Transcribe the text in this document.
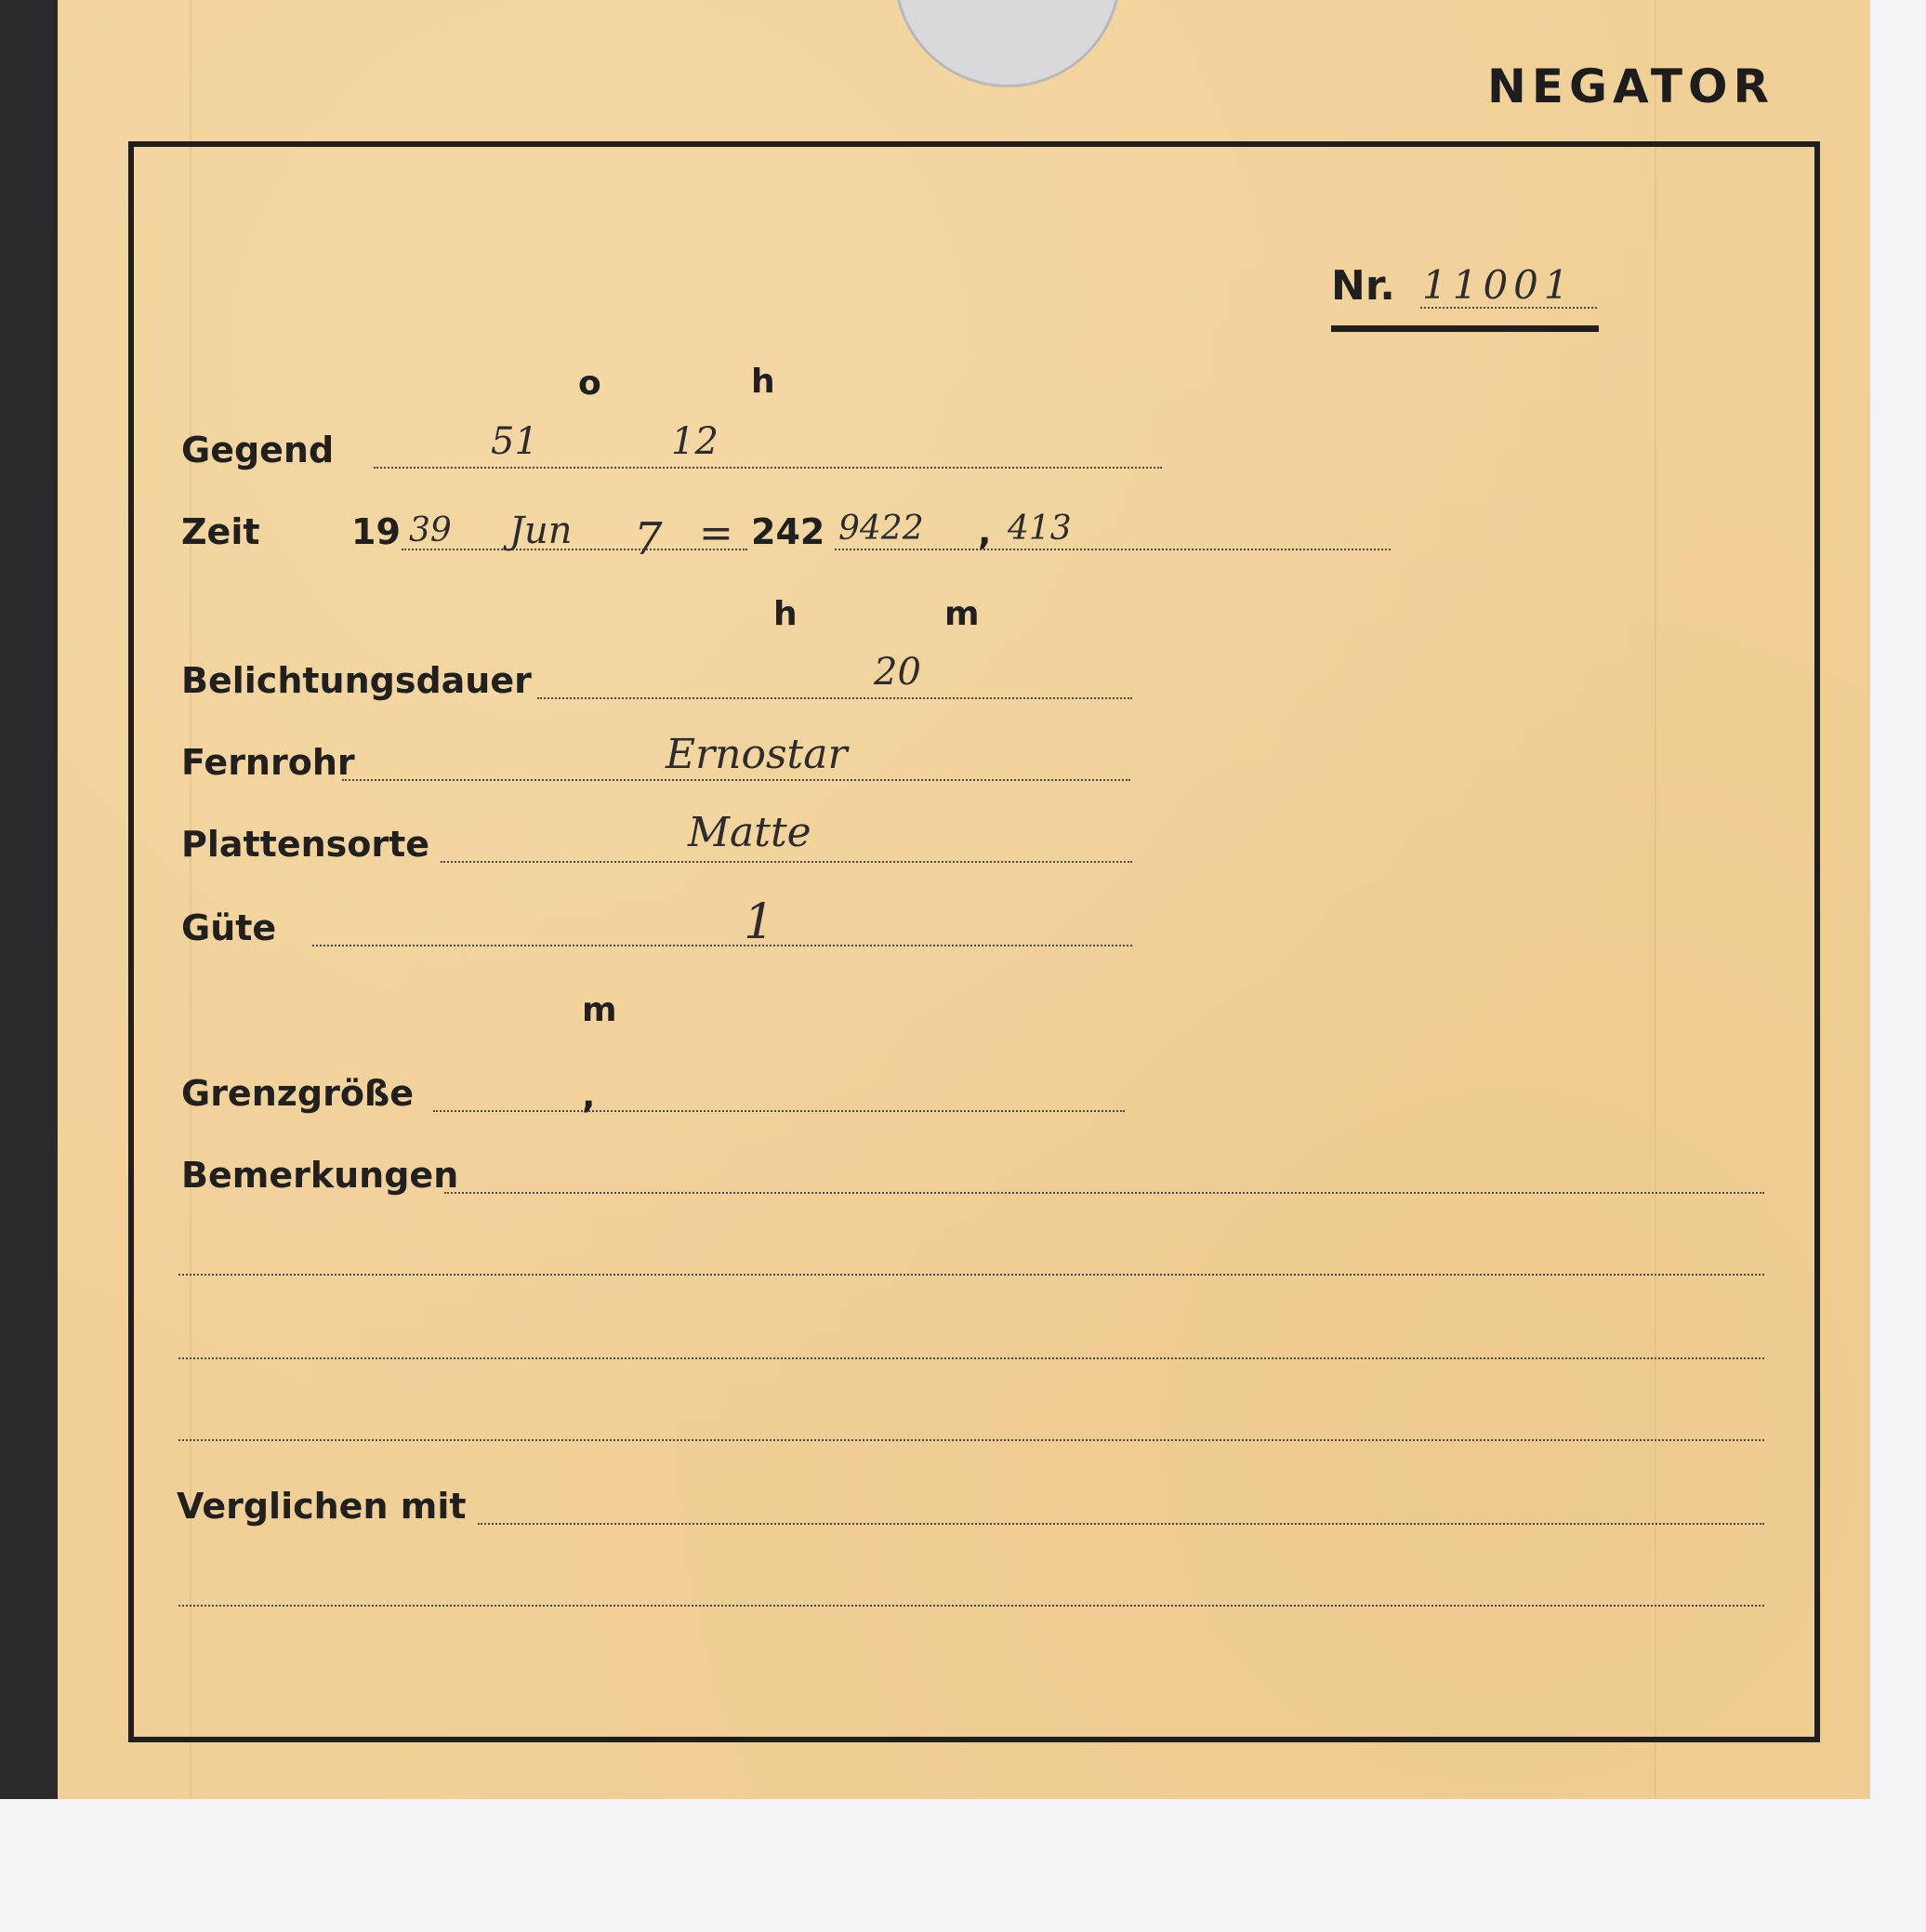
NEGATOR
Nr. 11001
o	h
Gegend	51	12
Zeit	19 39 Jun 7 = 242 9422 , 413
h	m
Belichtungsdauer	20
Fernrohr	Ernostar
Plattensorte	Matte
Güte	1
m
Grenzgröße	,
Bemerkungen
Verglichen mit
